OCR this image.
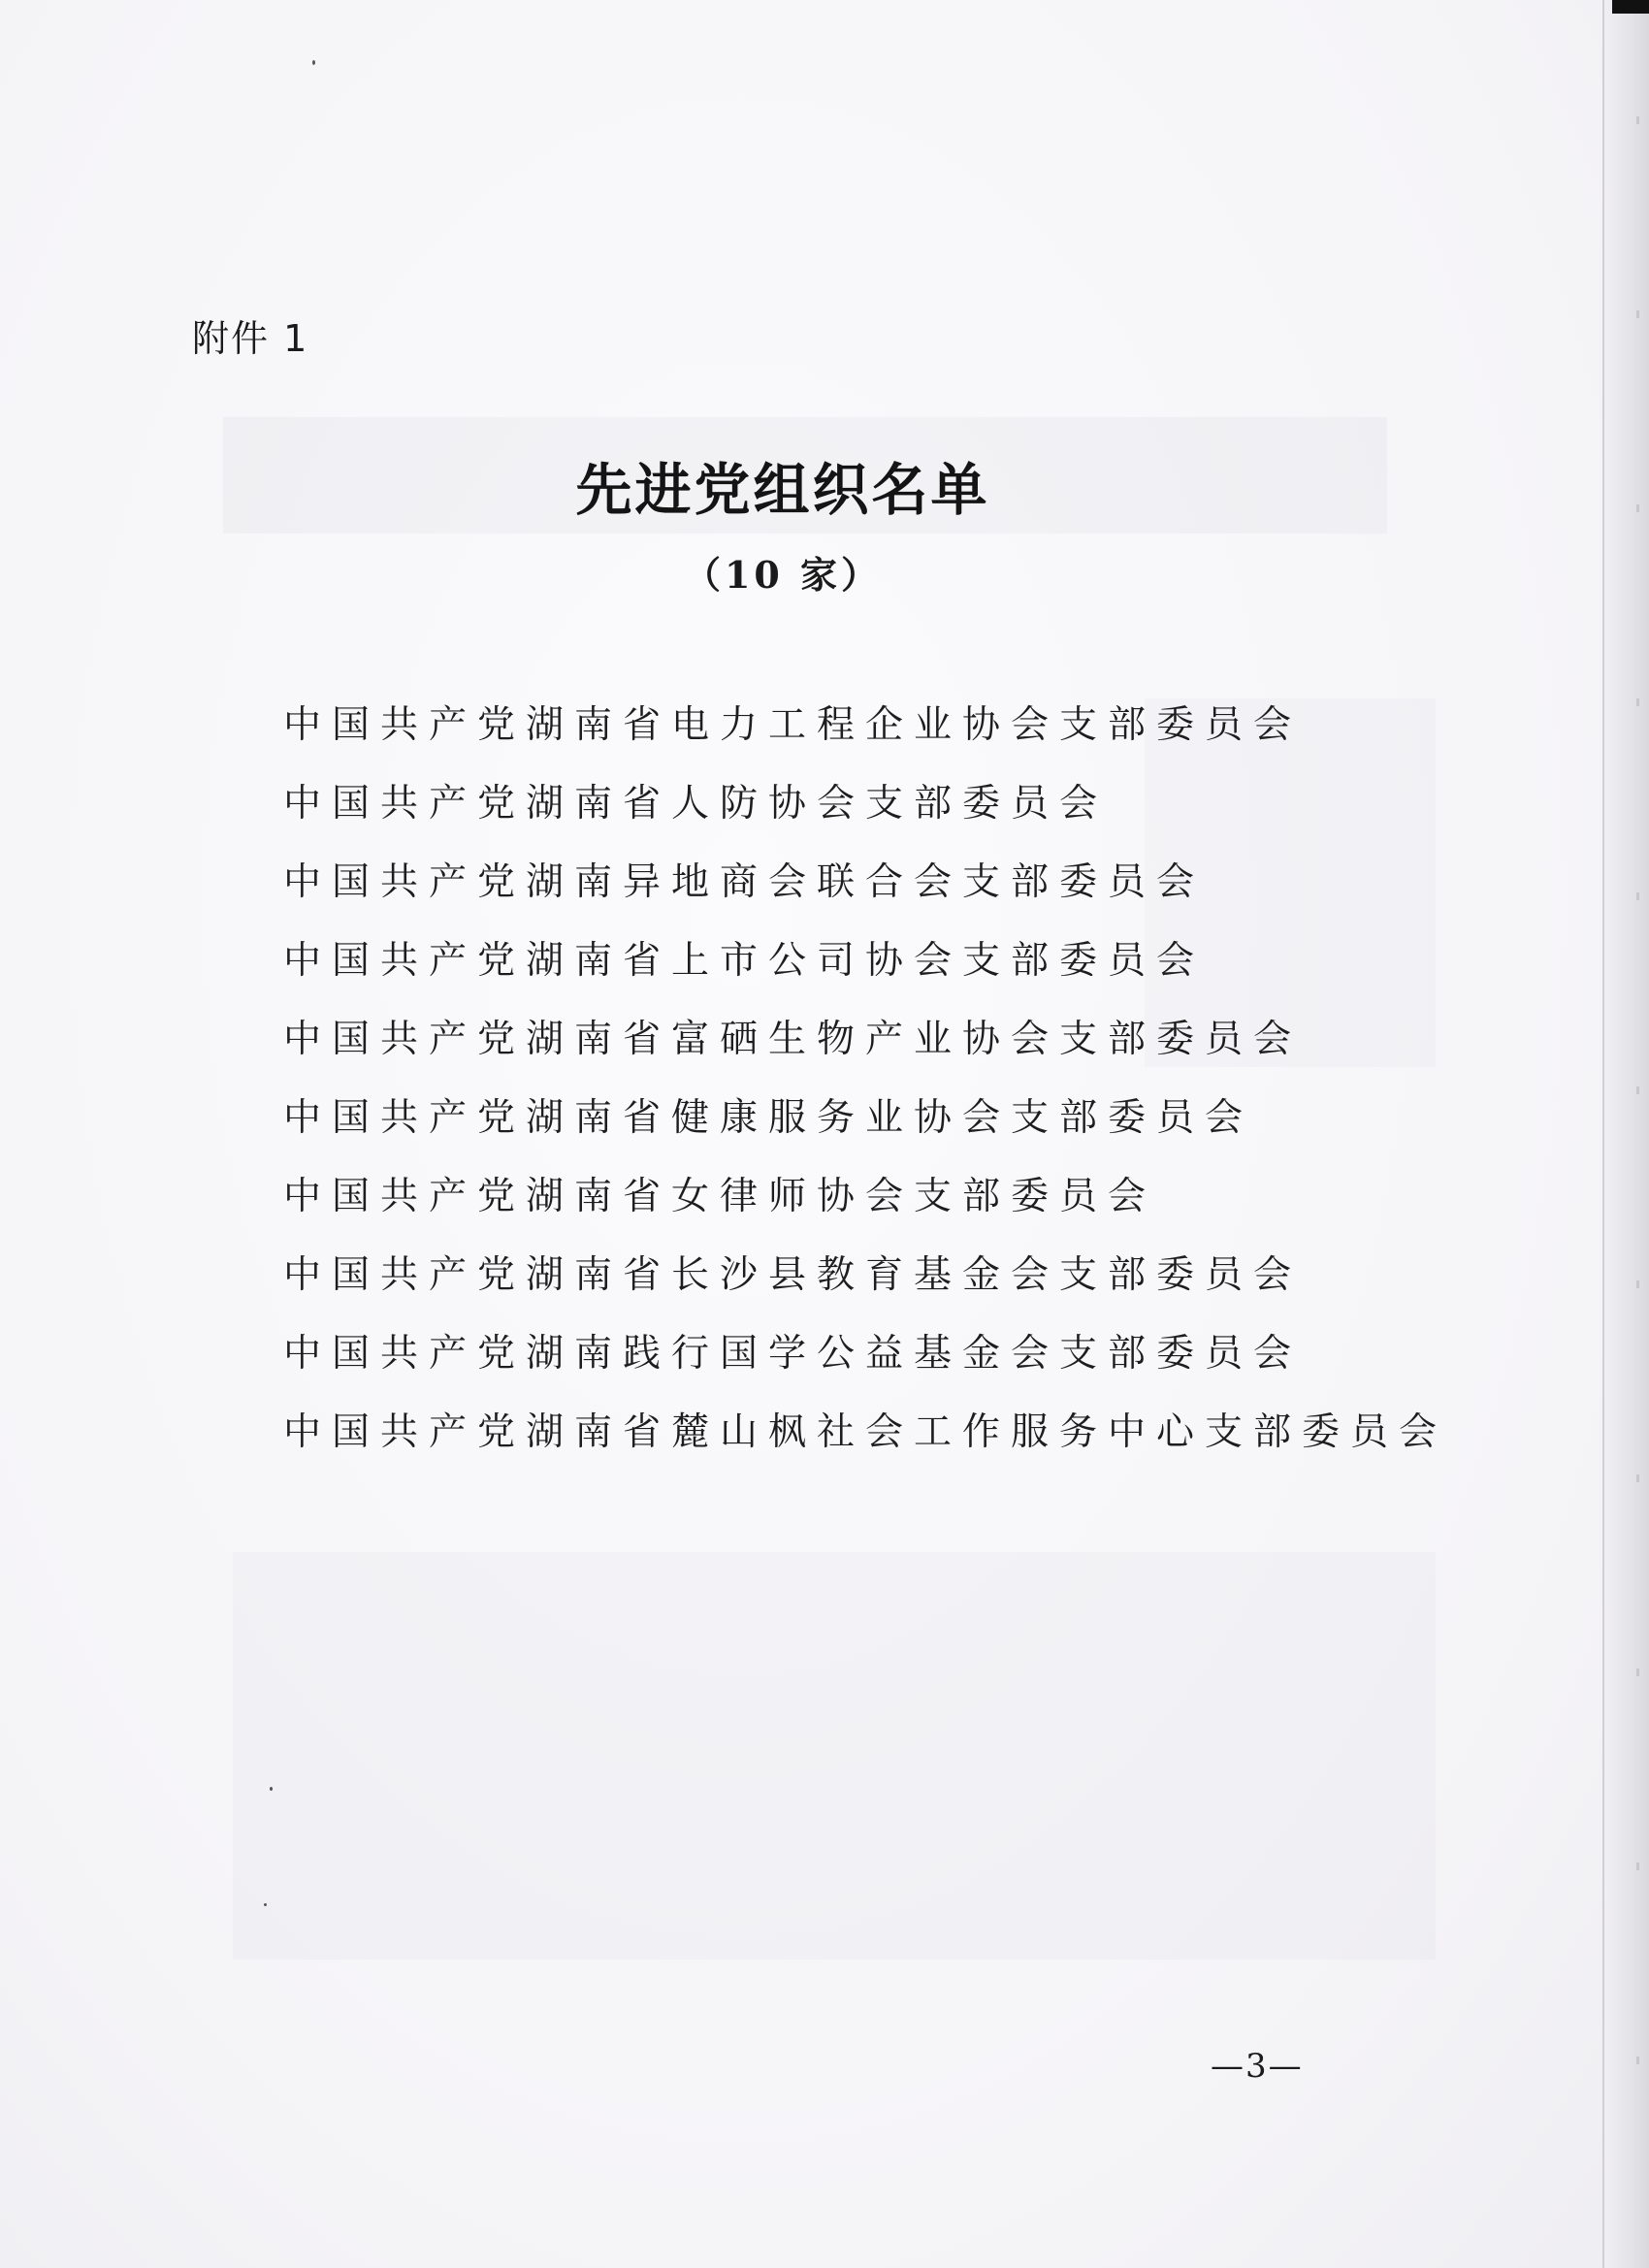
附件 1
先进党组织名单
（10 家）
中国共产党湖南省电力工程企业协会支部委员会
中国共产党湖南省人防协会支部委员会
中国共产党湖南异地商会联合会支部委员会
中国共产党湖南省上市公司协会支部委员会
中国共产党湖南省富硒生物产业协会支部委员会
中国共产党湖南省健康服务业协会支部委员会
中国共产党湖南省女律师协会支部委员会
中国共产党湖南省长沙县教育基金会支部委员会
中国共产党湖南践行国学公益基金会支部委员会
中国共产党湖南省麓山枫社会工作服务中心支部委员会
—3—
